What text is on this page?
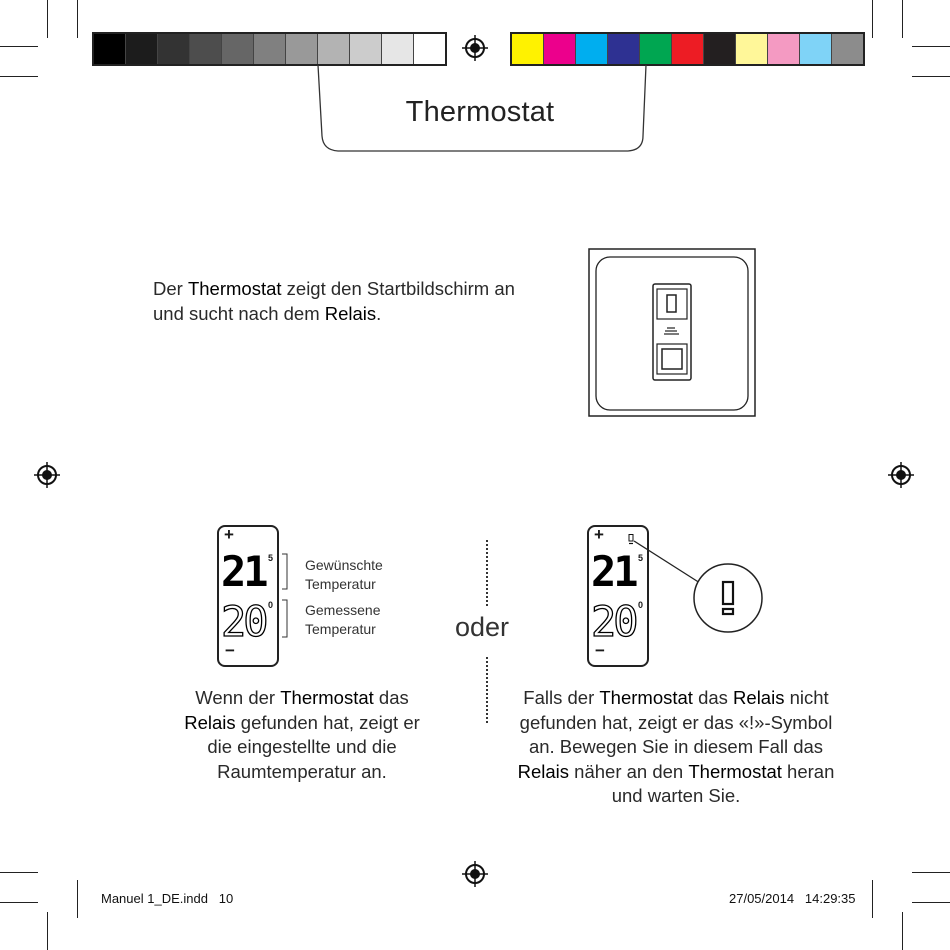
Thermostat
Der Thermostat zeigt den Startbildschirm an und sucht nach dem Relais.
+
21 5
20 0
−
Gewünschte
Temperatur
Gemessene
Temperatur	oder
+
21 5
20 0
−
Wenn der Thermostat das Relais gefunden hat, zeigt er die eingestellte und die Raumtemperatur an.
Falls der Thermostat das Relais nicht gefunden hat, zeigt er das «!»-Symbol an. Bewegen Sie in diesem Fall das Relais näher an den Thermostat heran und warten Sie.
Manuel 1_DE.indd   10	27/05/2014   14:29:35
